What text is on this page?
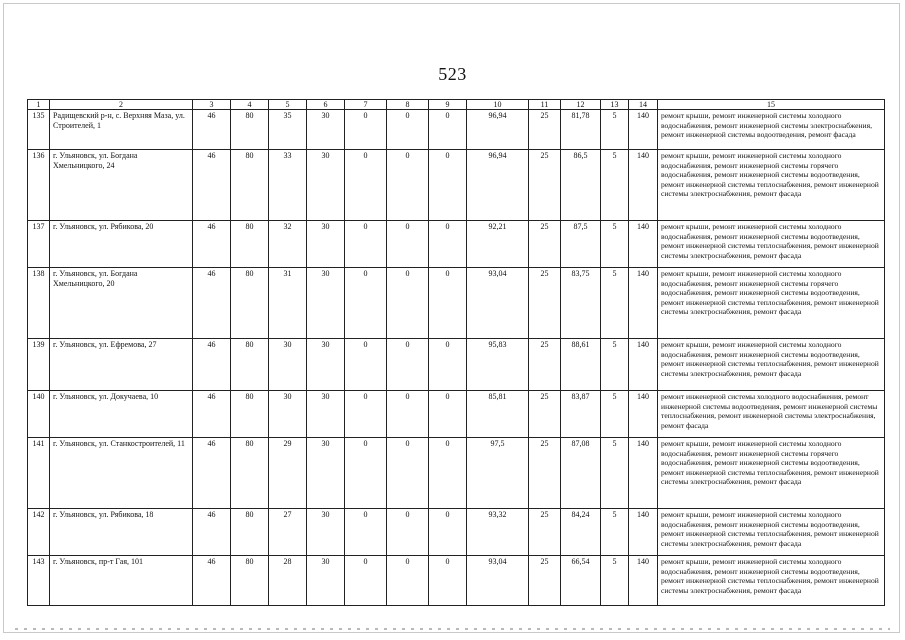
523
1	2	3	4	5	6	7	8	9	10	11	12	13	14	15
135	Радищевский р-н, с. Верхняя Маза, ул. Строителей, 1	46	80	35	30	0	0	0	96,94	25	81,78	5	140	ремонт крыши, ремонт инженерной системы холодного водоснабжения, ремонт инженерной системы электроснабжения, ремонт инженерной системы водоотведения, ремонт фасада
136	г. Ульяновск, ул. Богдана Хмельницкого, 24	46	80	33	30	0	0	0	96,94	25	86,5	5	140	ремонт крыши, ремонт инженерной системы холодного водоснабжения, ремонт инженерной системы горячего водоснабжения, ремонт инженерной системы водоотведения, ремонт инженерной системы теплоснабжения, ремонт инженерной системы электроснабжения, ремонт фасада
137	г. Ульяновск, ул. Рябикова, 20	46	80	32	30	0	0	0	92,21	25	87,5	5	140	ремонт крыши, ремонт инженерной системы холодного водоснабжения, ремонт инженерной системы водоотведения, ремонт инженерной системы теплоснабжения, ремонт инженерной системы электроснабжения, ремонт фасада
138	г. Ульяновск, ул. Богдана Хмельницкого, 20	46	80	31	30	0	0	0	93,04	25	83,75	5	140	ремонт крыши, ремонт инженерной системы холодного водоснабжения, ремонт инженерной системы горячего водоснабжения, ремонт инженерной системы водоотведения, ремонт инженерной системы теплоснабжения, ремонт инженерной системы электроснабжения, ремонт фасада
139	г. Ульяновск, ул. Ефремова, 27	46	80	30	30	0	0	0	95,83	25	88,61	5	140	ремонт крыши, ремонт инженерной системы холодного водоснабжения, ремонт инженерной системы водоотведения, ремонт инженерной системы теплоснабжения, ремонт инженерной системы электроснабжения, ремонт фасада
140	г. Ульяновск, ул. Докучаева, 10	46	80	30	30	0	0	0	85,81	25	83,87	5	140	ремонт инженерной системы холодного водоснабжения, ремонт инженерной системы водоотведения, ремонт инженерной системы теплоснабжения, ремонт инженерной системы электроснабжения, ремонт фасада
141	г. Ульяновск, ул. Станкостроителей, 11	46	80	29	30	0	0	0	97,5	25	87,08	5	140	ремонт крыши, ремонт инженерной системы холодного водоснабжения, ремонт инженерной системы горячего водоснабжения, ремонт инженерной системы водоотведения, ремонт инженерной системы теплоснабжения, ремонт инженерной системы электроснабжения, ремонт фасада
142	г. Ульяновск, ул. Рябикова, 18	46	80	27	30	0	0	0	93,32	25	84,24	5	140	ремонт крыши, ремонт инженерной системы холодного водоснабжения, ремонт инженерной системы водоотведения, ремонт инженерной системы теплоснабжения, ремонт инженерной системы электроснабжения, ремонт фасада
143	г. Ульяновск, пр-т Гая, 101	46	80	28	30	0	0	0	93,04	25	66,54	5	140	ремонт крыши, ремонт инженерной системы холодного водоснабжения, ремонт инженерной системы водоотведения, ремонт инженерной системы теплоснабжения, ремонт инженерной системы электроснабжения, ремонт фасада
